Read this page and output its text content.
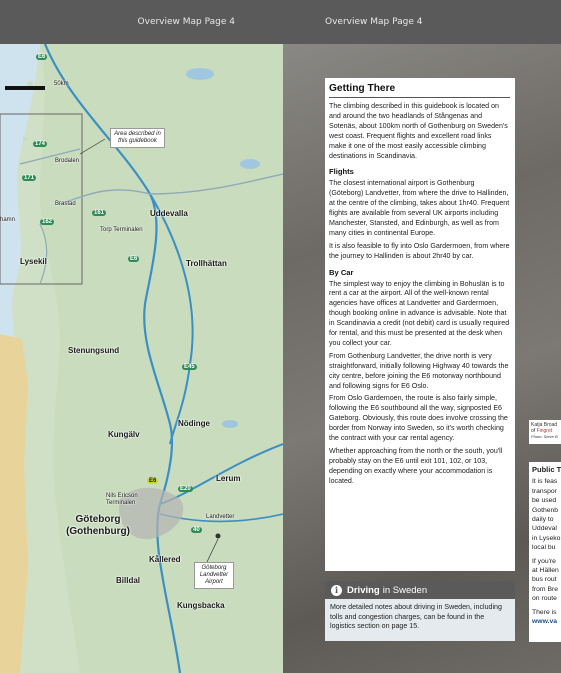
Overview Map Page 4
50km
Area described in this guidebook
174
171
162
161
E6
E6
E6
E45
E20
40
Brodalen
Brastad
hamn
Lysekil
Uddevalla
Torp Terminalen
Trollhättan
Stenungsund
Kungälv
Nödinge
Lerum
Nils Ericson Terminalen
Göteborg (Gothenburg)
Landvetter
Kållered
Billdal
Kungsbacka
Göteborg Landvetter Airport
Overview Map Page 4
Getting There

The climbing described in this guidebook is located on and around the two headlands of Stångenas and Sotenäs, about 100km north of Gothenburg on Sweden's west coast. Frequent flights and excellent road links make it one of the most easily accessible climbing destinations in Scandinavia.

Flights

The closest international airport is Gothenburg (Göteborg) Landvetter, from where the drive to Hallinden, at the centre of the climbing, takes about 1hr40. Frequent flights are available from several UK airports including Manchester, Stansted, and Edinburgh, as well as from many cities in continental Europe.

It is also feasible to fly into Oslo Gardermoen, from where the journey to Hallinden is about 2hr40 by car.

By Car

The simplest way to enjoy the climbing in Bohuslän is to rent a car at the airport. All of the well-known rental agencies have offices at Landvetter and Gardermoen, though booking online in advance is advisable. Note that in Scandinavia a credit (not debit) card is usually required for rental, and this must be presented at the desk when you collect your car.

From Gothenburg Landvetter, the drive north is very straightforward, initially following Highway 40 towards the city centre, before joining the E6 motorway northbound and following signs for E6 Oslo.

From Oslo Gardemoen, the route is also fairly simple, following the E6 southbound all the way, signposted E6 Gateborg. Obviously, this route does involve crossing the border from Norway into Sweden, so it's worth checking the contract with your car rental agency.

Whether approaching from the north or the south, you'll probably stay on the E6 until exit 101, 102, or 103, depending on exactly where your accommodation is located.

i Driving in Sweden
More detailed notes about driving in Sweden, including tolls and congestion charges, can be found in the logistics section on page 15.
Katja Broad
of Fingret
Photo: Steve B
Public T

It is feas
transpor
be used
Gothenb
daily to
Uddeval
in Lyseko
local bu

If you're
at Hällen
bus rout
from Bre
on route

There is
www.va
